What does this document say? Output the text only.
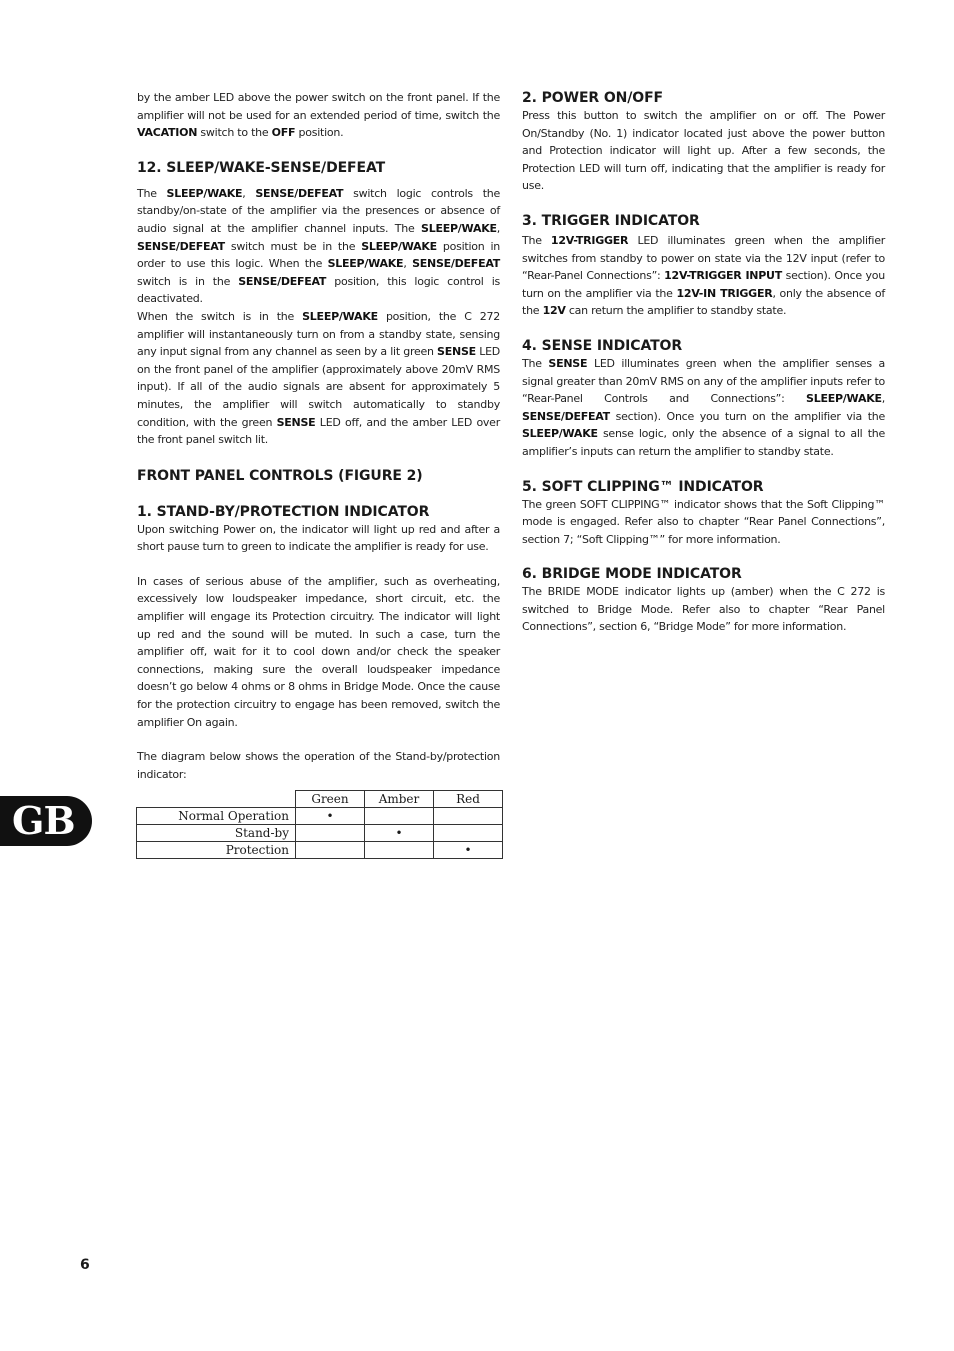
by the amber LED above the power switch on the front panel. If the amplifier will not be used for an extended period of time, switch the VACATION switch to the OFF position.

12. SLEEP/WAKE-SENSE/DEFEAT

The SLEEP/WAKE, SENSE/DEFEAT switch logic controls the standby/on-state of the amplifier via the presences or absence of audio signal at the amplifier channel inputs. The SLEEP/WAKE, SENSE/DEFEAT switch must be in the SLEEP/WAKE position in order to use this logic. When the SLEEP/WAKE, SENSE/DEFEAT switch is in the SENSE/DEFEAT position, this logic control is deactivated.

When the switch is in the SLEEP/WAKE position, the C 272 amplifier will instantaneously turn on from a standby state, sensing any input signal from any channel as seen by a lit green SENSE LED on the front panel of the amplifier (approximately above 20mV RMS input). If all of the audio signals are absent for approximately 5 minutes, the amplifier will switch automatically to standby condition, with the green SENSE LED off, and the amber LED over the front panel switch lit.

FRONT PANEL CONTROLS (FIGURE 2)
1. STAND-BY/PROTECTION INDICATOR

Upon switching Power on, the indicator will light up red and after a short pause turn to green to indicate the amplifier is ready for use.

In cases of serious abuse of the amplifier, such as overheating, excessively low loudspeaker impedance, short circuit, etc. the amplifier will engage its Protection circuitry. The indicator will light up red and the sound will be muted. In such a case, turn the amplifier off, wait for it to cool down and/or check the speaker connections, making sure the overall loudspeaker impedance doesn’t go below 4 ohms or 8 ohms in Bridge Mode. Once the cause for the protection circuitry to engage has been removed, switch the amplifier On again.

The diagram below shows the operation of the Stand-by/protection indicator:

	Green	Amber	Red
Normal Operation	•		
Stand-by		•	
Protection			•
2. POWER ON/OFF

Press this button to switch the amplifier on or off. The Power On/Standby (No. 1) indicator located just above the power button and Protection indicator will light up. After a few seconds, the Protection LED will turn off, indicating that the amplifier is ready for use.

3. TRIGGER INDICATOR

The 12V-TRIGGER LED illuminates green when the amplifier switches from standby to power on state via the 12V input (refer to “Rear-Panel Connections”: 12V-TRIGGER INPUT section). Once you turn on the amplifier via the 12V-IN TRIGGER, only the absence of the 12V can return the amplifier to standby state.

4. SENSE INDICATOR

The SENSE LED illuminates green when the amplifier senses a signal greater than 20mV RMS on any of the amplifier inputs refer to “Rear-Panel Controls and Connections”: SLEEP/WAKE, SENSE/DEFEAT section). Once you turn on the amplifier via the SLEEP/WAKE sense logic, only the absence of a signal to all the amplifier’s inputs can return the amplifier to standby state.

5. SOFT CLIPPING™ INDICATOR

The green SOFT CLIPPING™ indicator shows that the Soft Clipping™ mode is engaged. Refer also to chapter “Rear Panel Connections”, section 7; “Soft Clipping™” for more information.

6. BRIDGE MODE INDICATOR

The BRIDE MODE indicator lights up (amber) when the C 272 is switched to Bridge Mode. Refer also to chapter “Rear Panel Connections”, section 6, “Bridge Mode” for more information.

GB
6
